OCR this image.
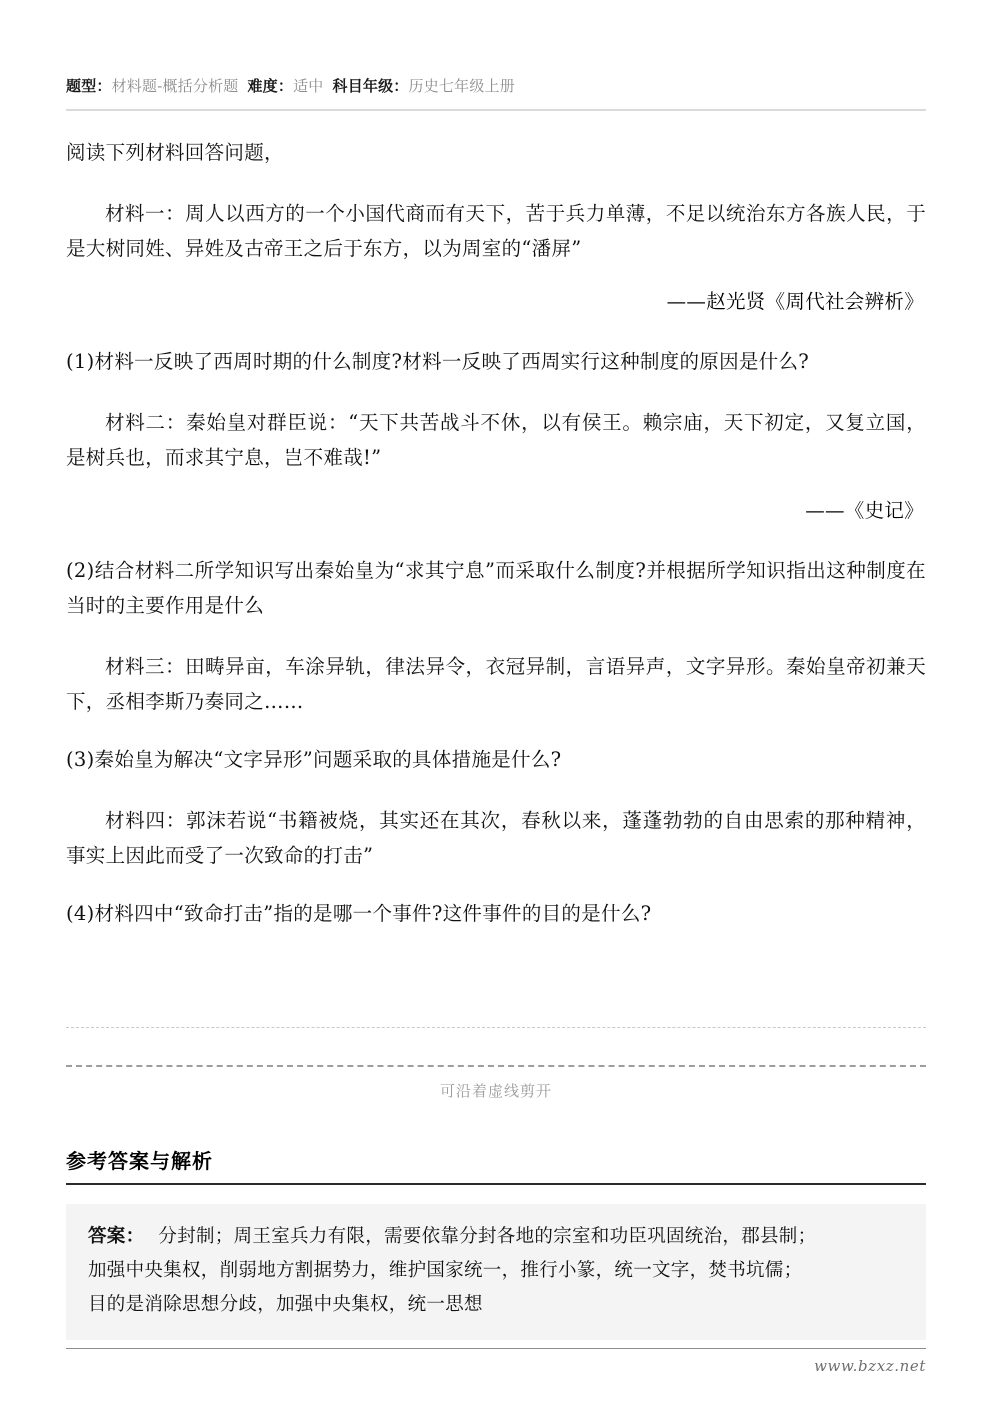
题型：材料题-概括分析题 难度：适中 科目年级：历史七年级上册

阅读下列材料回答问题，

材料一：周人以西方的一个小国代商而有天下，苦于兵力单薄，不足以统治东方各族人民，于是大树同姓、异姓及古帝王之后于东方，以为周室的“潘屏”

——赵光贤《周代社会辨析》

(1)材料一反映了西周时期的什么制度?材料一反映了西周实行这种制度的原因是什么?

材料二：秦始皇对群臣说：“天下共苦战斗不休，以有侯王。赖宗庙，天下初定，又复立国，是树兵也，而求其宁息，岂不难哉!”

——《史记》

(2)结合材料二所学知识写出秦始皇为“求其宁息”而采取什么制度?并根据所学知识指出这种制度在当时的主要作用是什么

材料三：田畴异亩，车涂异轨，律法异令，衣冠异制，言语异声，文字异形。秦始皇帝初兼天下，丞相李斯乃奏同之……

(3)秦始皇为解决“文字异形”问题采取的具体措施是什么?

材料四：郭沫若说“书籍被烧，其实还在其次，春秋以来，蓬蓬勃勃的自由思索的那种精神，事实上因此而受了一次致命的打击”

(4)材料四中“致命打击”指的是哪一个事件?这件事件的目的是什么?

可沿着虚线剪开
参考答案与解析
答案： 分封制；周王室兵力有限，需要依靠分封各地的宗室和功臣巩固统治，郡县制；
加强中央集权，削弱地方割据势力，维护国家统一，推行小篆，统一文字，焚书坑儒；
目的是消除思想分歧，加强中央集权，统一思想
www.bzxz.net
